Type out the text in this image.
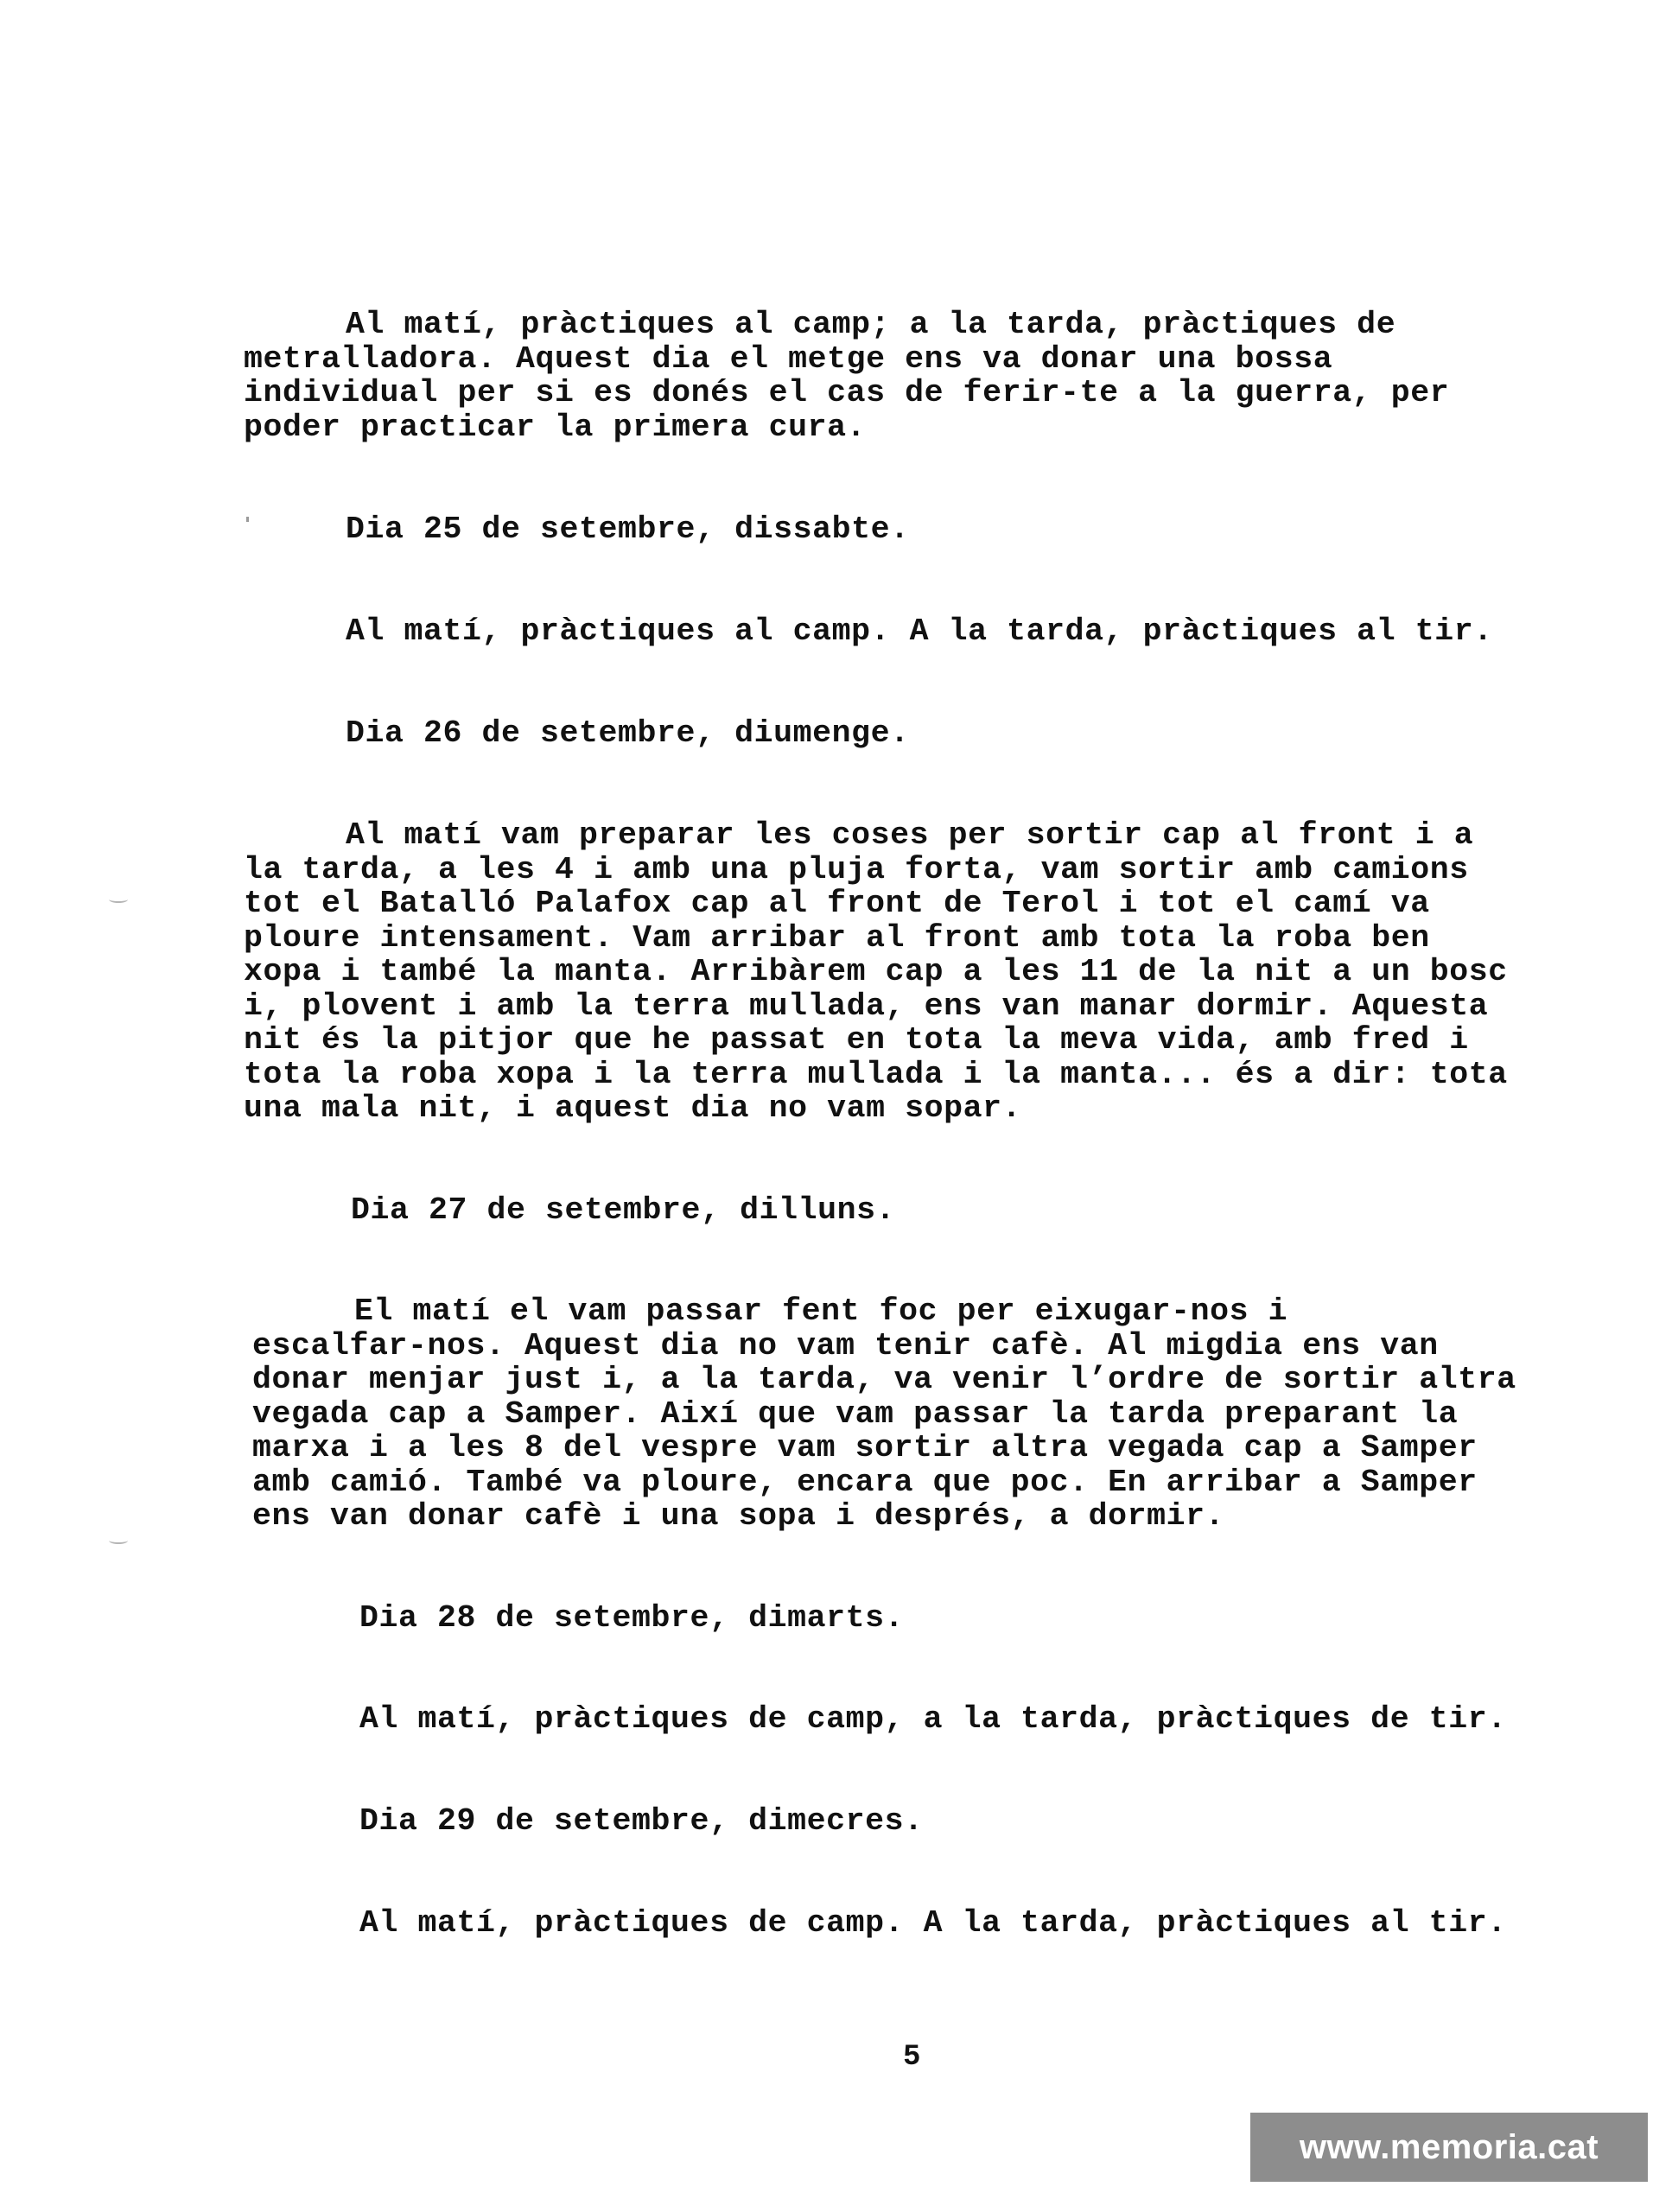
Al matí, pràctiques al camp; a la tarda, pràctiques de
metralladora. Aquest dia el metge ens va donar una bossa
individual per si es donés el cas de ferir-te a la guerra, per
poder practicar la primera cura.
Dia 25 de setembre, dissabte.
Al matí, pràctiques al camp. A la tarda, pràctiques al tir.
Dia 26 de setembre, diumenge.
Al matí vam preparar les coses per sortir cap al front i a
la tarda, a les 4 i amb una pluja forta, vam sortir amb camions
tot el Batalló Palafox cap al front de Terol i tot el camí va
ploure intensament. Vam arribar al front amb tota la roba ben
xopa i també la manta. Arribàrem cap a les 11 de la nit a un bosc
i, plovent i amb la terra mullada, ens van manar dormir. Aquesta
nit és la pitjor que he passat en tota la meva vida, amb fred i
tota la roba xopa i la terra mullada i la manta... és a dir: tota
una mala nit, i aquest dia no vam sopar.
Dia 27 de setembre, dilluns.
El matí el vam passar fent foc per eixugar-nos i
escalfar-nos. Aquest dia no vam tenir cafè. Al migdia ens van
donar menjar just i, a la tarda, va venir l’ordre de sortir altra
vegada cap a Samper. Així que vam passar la tarda preparant la
marxa i a les 8 del vespre vam sortir altra vegada cap a Samper
amb camió. També va ploure, encara que poc. En arribar a Samper
ens van donar cafè i una sopa i després, a dormir.
Dia 28 de setembre, dimarts.
Al matí, pràctiques de camp, a la tarda, pràctiques de tir.
Dia 29 de setembre, dimecres.
Al matí, pràctiques de camp. A la tarda, pràctiques al tir.
5
www.memoria.cat
